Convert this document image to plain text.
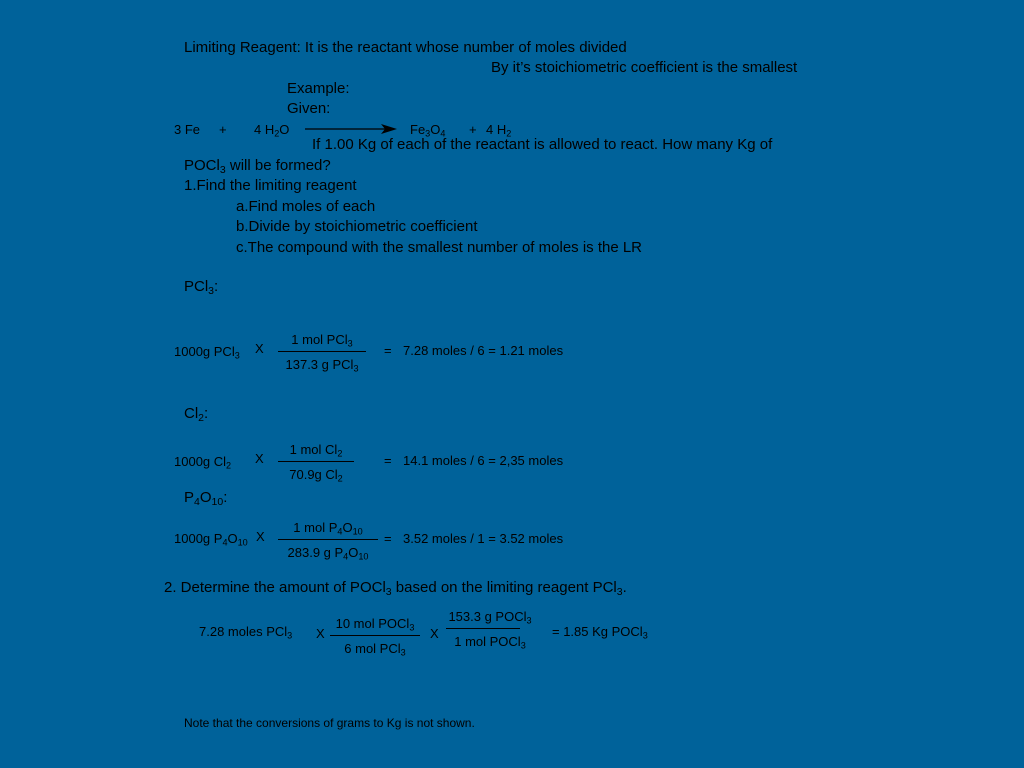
Limiting Reagent: It is the reactant whose number of moles divided
By it’s stoichiometric coefficient is the smallest
Example:
Given:
3 Fe + 4 $H_2O$	$Fe_3O_4 + 4$ $H_2$
If 1.00 Kg of each of the reactant is allowed to react. How many Kg of
POCl$_3$ will be formed?
1.Find the limiting reagent
a.Find moles of each
b.Divide by stoichiometric coefficient
c.The compound with the smallest number of moles is the LR
PCl$_3$:
1000g PCl$_3$ X
1 mol PCl$_3$
137.3 g PCl$_3$
= 7.28 moles / 6 = 1.21 moles
$Cl_2$:
1000g $Cl_2$ X
1 mol $Cl_2$
70.9g $Cl_2$
= 14.1 moles / 6 = 2,35 moles
$P_4O_{10}$:
1000g $P_4O_{10}$ X
1 mol $P_4O_{10}$
283.9 g $P_4O_{10}$
= 3.52 moles / 1 = 3.52 moles
2. Determine the amount of POCl$_3$ based on the limiting reagent PCl$_3$.
7.28 moles PCl$_3$ X
10 mol POCl$_3$
6 mol PCl$_3$
X
153.3 g POCl$_3$
1 mol POCl$_3$
= 1.85 Kg POCl$_3$
Note that the conversions of grams to Kg is not shown.
